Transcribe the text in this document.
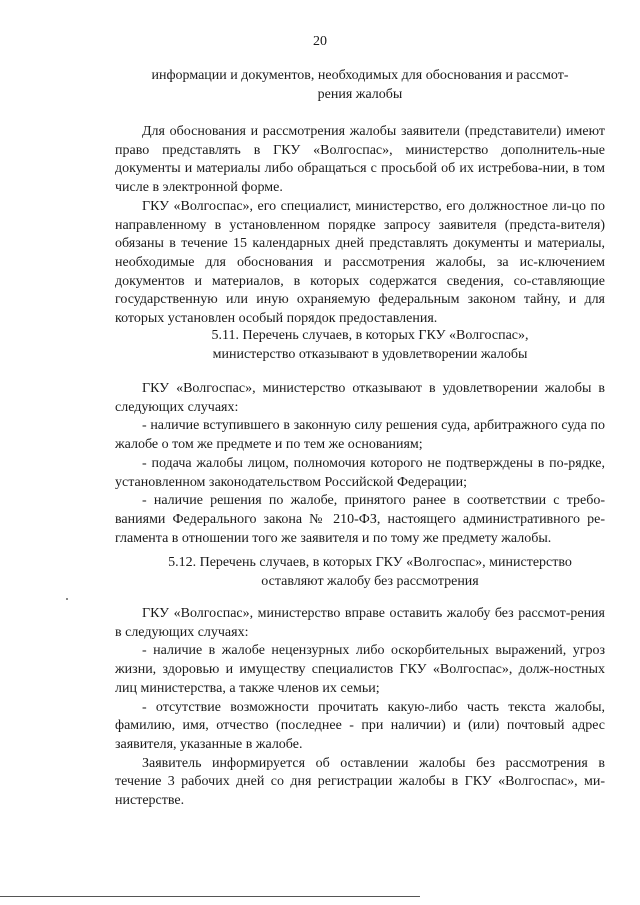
20
информации и документов, необходимых для обоснования и рассмот-
рения жалобы

Для обоснования и рассмотрения жалобы заявители (представители) имеют право представлять в ГКУ «Волгоспас», министерство дополнитель-ные документы и материалы либо обращаться с просьбой об их истребова-нии, в том числе в электронной форме.

ГКУ «Волгоспас», его специалист, министерство, его должностное ли-цо по направленному в установленном порядке запросу заявителя (предста-вителя) обязаны в течение 15 календарных дней представлять документы и материалы, необходимые для обоснования и рассмотрения жалобы, за ис-ключением документов и материалов, в которых содержатся сведения, со-ставляющие государственную или иную охраняемую федеральным законом тайну, и для которых установлен особый порядок предоставления.

5.11. Перечень случаев, в которых ГКУ «Волгоспас»,
министерство отказывают в удовлетворении жалобы

ГКУ «Волгоспас», министерство отказывают в удовлетворении жалобы в следующих случаях:

- наличие вступившего в законную силу решения суда, арбитражного суда по жалобе о том же предмете и по тем же основаниям;

- подача жалобы лицом, полномочия которого не подтверждены в по-рядке, установленном законодательством Российской Федерации;

- наличие решения по жалобе, принятого ранее в соответствии с требо-ваниями Федерального закона № 210-ФЗ, настоящего административного ре-гламента в отношении того же заявителя и по тому же предмету жалобы.

5.12. Перечень случаев, в которых ГКУ «Волгоспас», министерство
оставляют жалобу без рассмотрения

ГКУ «Волгоспас», министерство вправе оставить жалобу без рассмот-рения в следующих случаях:

- наличие в жалобе нецензурных либо оскорбительных выражений, угроз жизни, здоровью и имуществу специалистов ГКУ «Волгоспас», долж-ностных лиц министерства, а также членов их семьи;

- отсутствие возможности прочитать какую-либо часть текста жалобы, фамилию, имя, отчество (последнее - при наличии) и (или) почтовый адрес заявителя, указанные в жалобе.

Заявитель информируется об оставлении жалобы без рассмотрения в течение 3 рабочих дней со дня регистрации жалобы в ГКУ «Волгоспас», ми-нистерстве.
